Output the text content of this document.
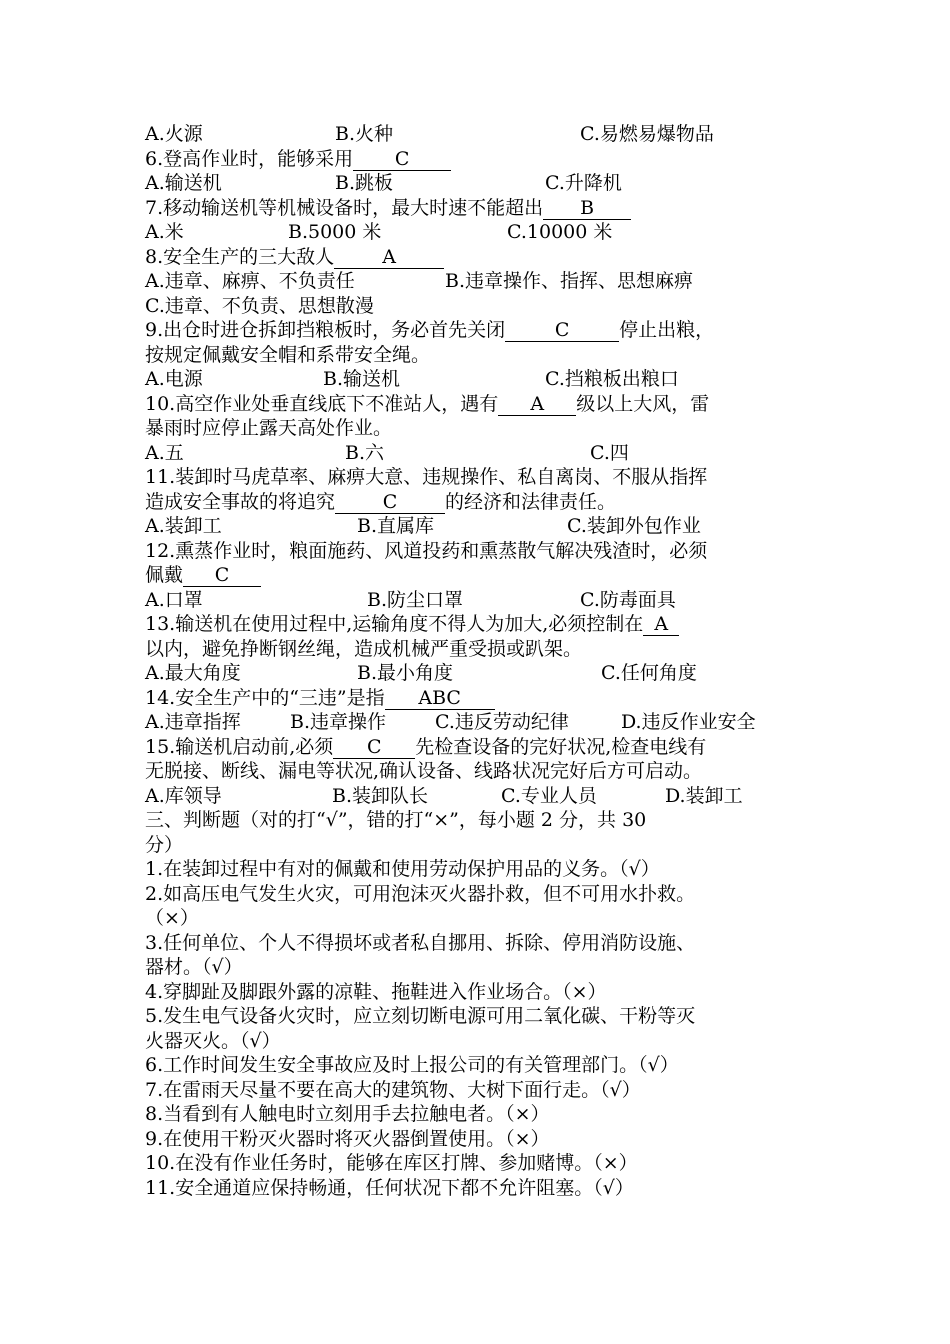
A.火源	B.火种	C.易燃易爆物品
6.登高作业时，能够采用 C
A.输送机	B.跳板	C.升降机
7.移动输送机等机械设备时，最大时速不能超出 B
A.米	B.5000 米	C.10000 米
8.安全生产的三大敌人	A
A.违章、麻痹、不负责任	B.违章操作、指挥、思想麻痹
C.违章、不负责、思想散漫
9.出仓时进仓拆卸挡粮板时，务必首先关闭	C	停止出粮，
按规定佩戴安全帽和系带安全绳。
A.电源	B.输送机	C.挡粮板出粮口
10.高空作业处垂直线底下不准站人，遇有 A 级以上大风，雷
暴雨时应停止露天高处作业。
A.五	B.六	C.四
11.装卸时马虎草率、麻痹大意、违规操作、私自离岗、不服从指挥
造成安全事故的将追究	C	的经济和法律责任。
A.装卸工	B.直属库	C.装卸外包作业
12.熏蒸作业时，粮面施药、风道投药和熏蒸散气解决残渣时，必须
佩戴 C
A.口罩	B.防尘口罩	C.防毒面具
13.输送机在使用过程中,运输角度不得人为加大,必须控制在 A
以内，避免挣断钢丝绳，造成机械严重受损或趴架。
A.最大角度	B.最小角度	C.任何角度
14.安全生产中的“三违”是指 ABC
A.违章指挥	B.违章操作	C.违反劳动纪律	D.违反作业安全
15.输送机启动前,必须 C 先检查设备的完好状况,检查电线有
无脱接、断线、漏电等状况,确认设备、线路状况完好后方可启动。
A.库领导	B.装卸队长	C.专业人员	D.装卸工
三、判断题（对的打“√”，错的打“×”，每小题 2 分，共 30
分）
1.在装卸过程中有对的佩戴和使用劳动保护用品的义务。（√）
2.如高压电气发生火灾，可用泡沫灭火器扑救，但不可用水扑救。
（×）
3.任何单位、个人不得损坏或者私自挪用、拆除、停用消防设施、
器材。（√）
4.穿脚趾及脚跟外露的凉鞋、拖鞋进入作业场合。（×）
5.发生电气设备火灾时，应立刻切断电源可用二氧化碳、干粉等灭
火器灭火。（√）
6.工作时间发生安全事故应及时上报公司的有关管理部门。（√）
7.在雷雨天尽量不要在高大的建筑物、大树下面行走。（√）
8.当看到有人触电时立刻用手去拉触电者。（×）
9.在使用干粉灭火器时将灭火器倒置使用。（×）
10.在没有作业任务时，能够在库区打牌、参加赌博。（×）
11.安全通道应保持畅通，任何状况下都不允许阻塞。（√）
